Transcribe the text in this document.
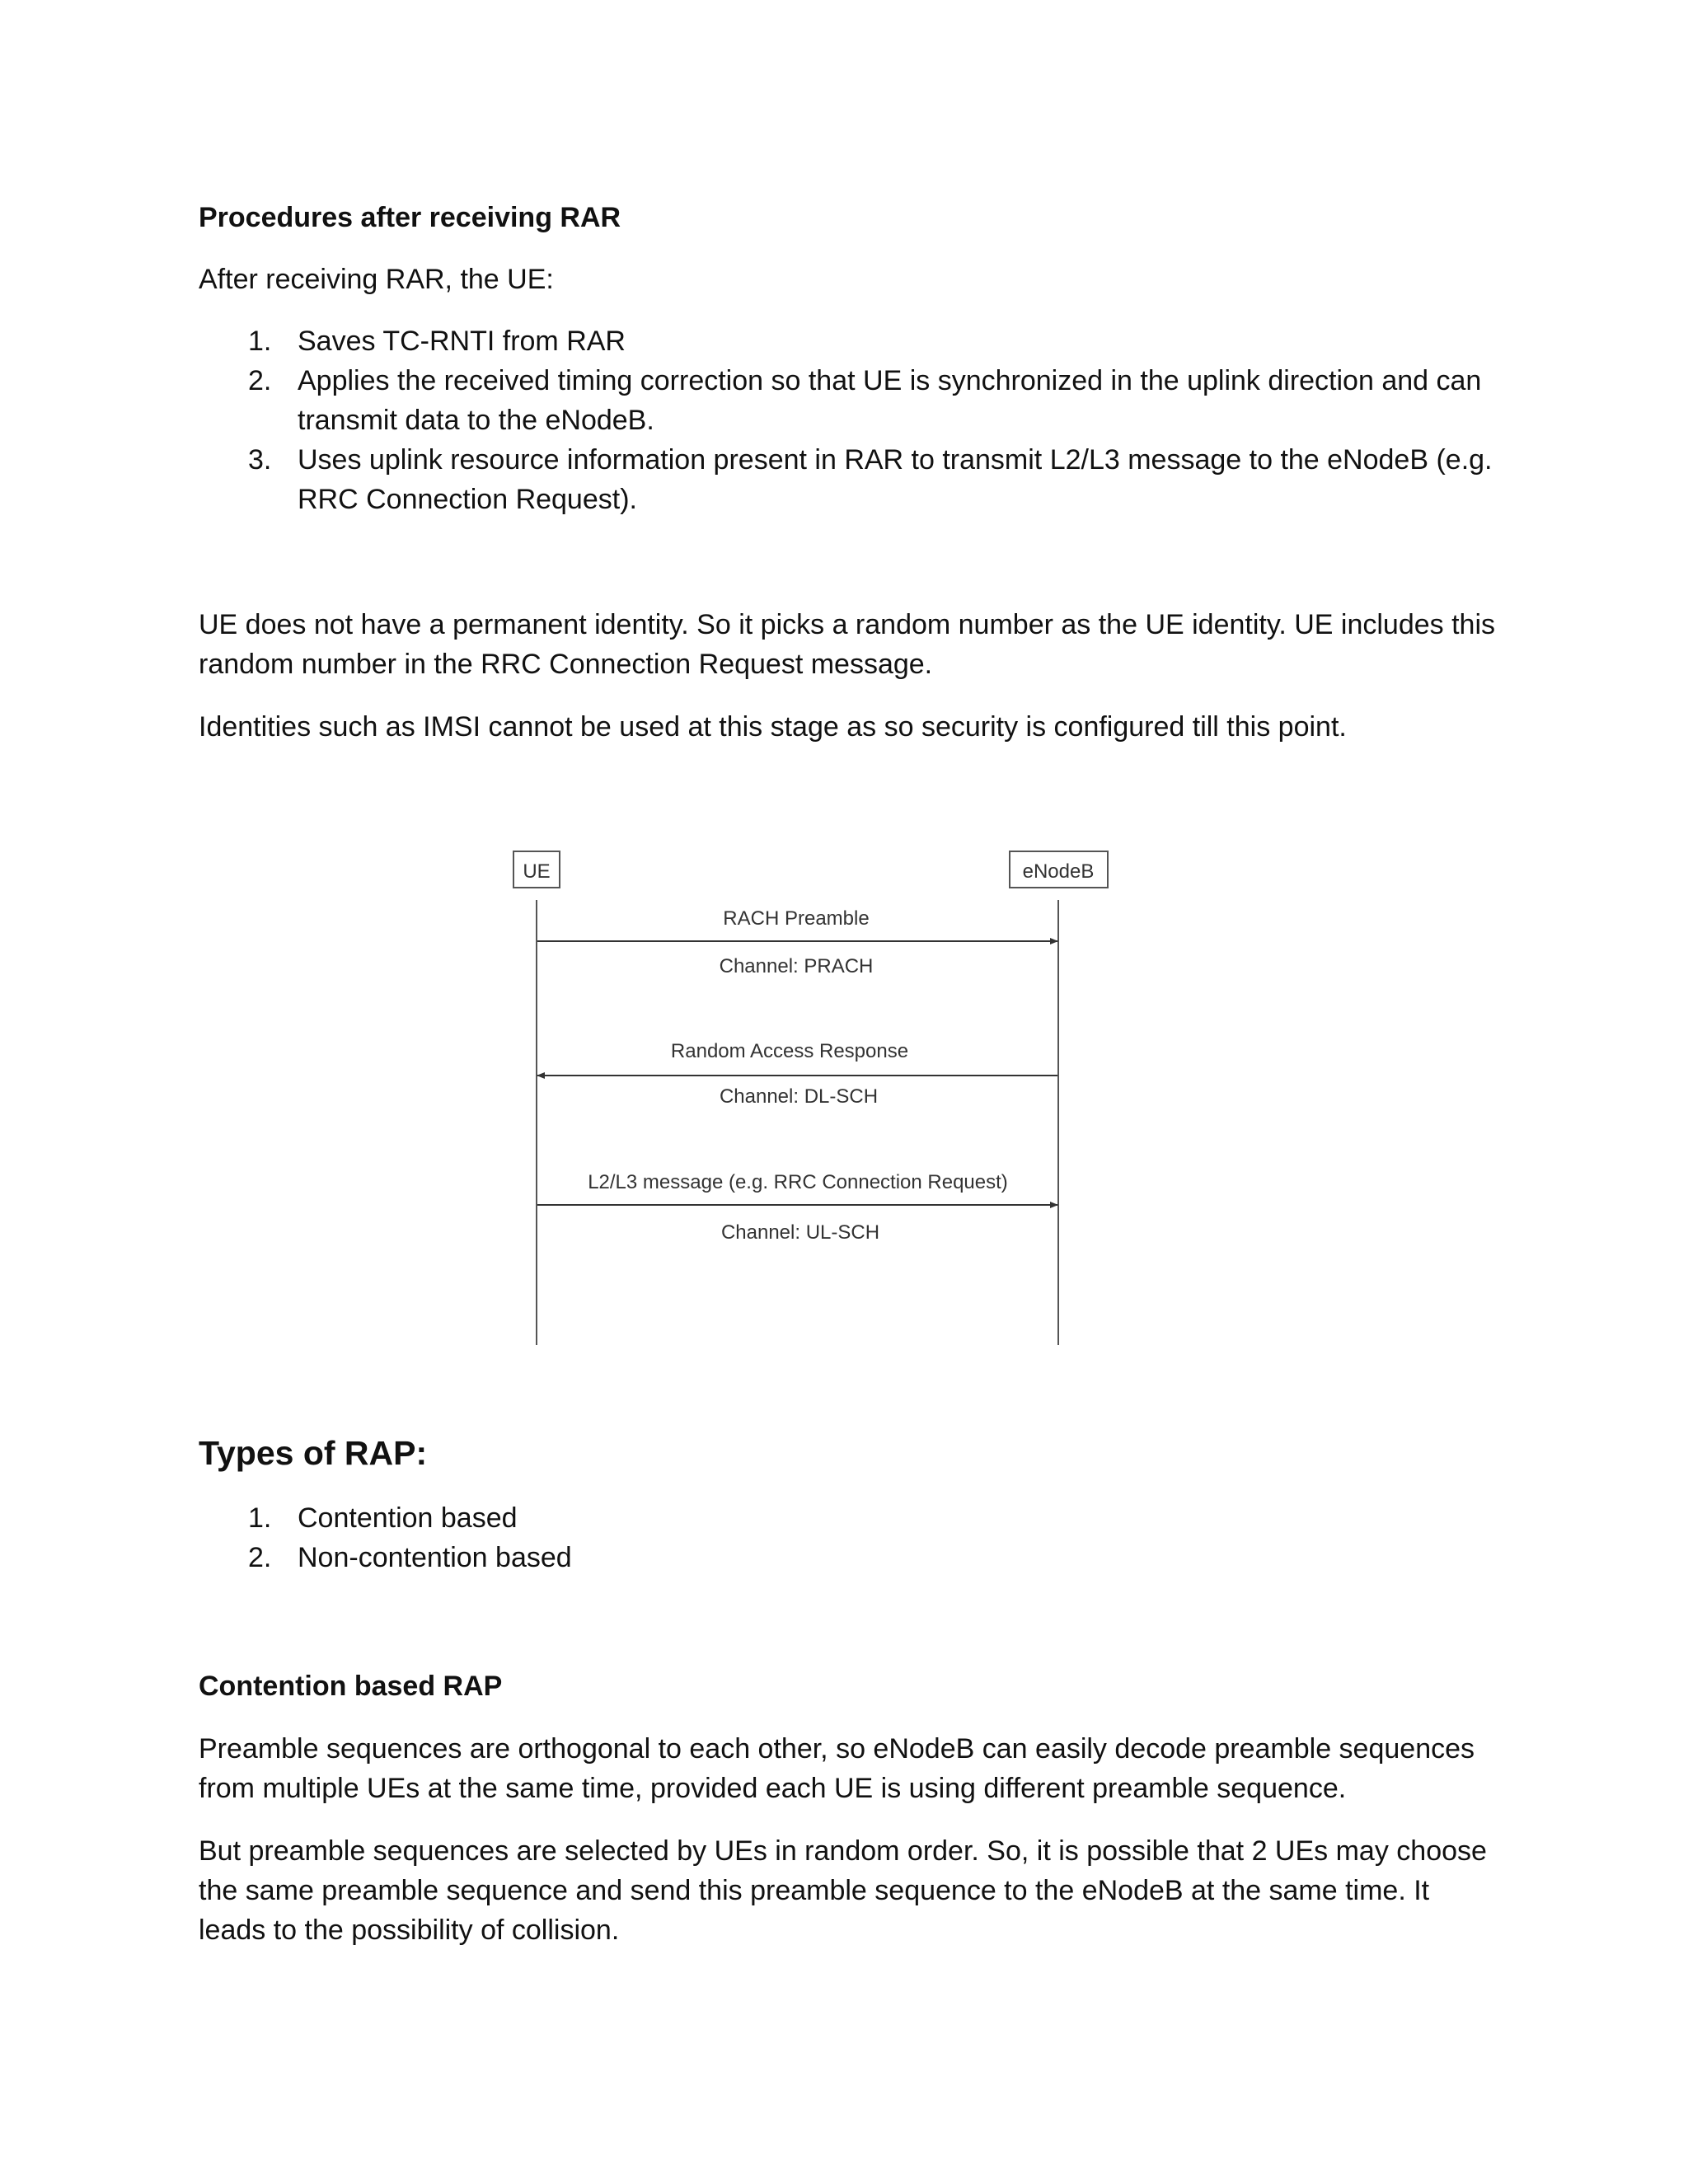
Procedures after receiving RAR
After receiving RAR, the UE:
1. Saves TC-RNTI from RAR
2. Applies the received timing correction so that UE is synchronized in the uplink direction and can transmit data to the eNodeB.
3. Uses uplink resource information present in RAR to transmit L2/L3 message to the eNodeB (e.g. RRC Connection Request).
UE does not have a permanent identity. So it picks a random number as the UE identity. UE includes this random number in the RRC Connection Request message.
Identities such as IMSI cannot be used at this stage as so security is configured till this point.
UE	eNodeB
RACH Preamble
Channel: PRACH
Random Access Response
Channel: DL-SCH
L2/L3 message (e.g. RRC Connection Request)
Channel: UL-SCH
Types of RAP:
1. Contention based
2. Non-contention based
Contention based RAP
Preamble sequences are orthogonal to each other, so eNodeB can easily decode preamble sequences from multiple UEs at the same time, provided each UE is using different preamble sequence.
But preamble sequences are selected by UEs in random order. So, it is possible that 2 UEs may choose the same preamble sequence and send this preamble sequence to the eNodeB at the same time. It leads to the possibility of collision.
